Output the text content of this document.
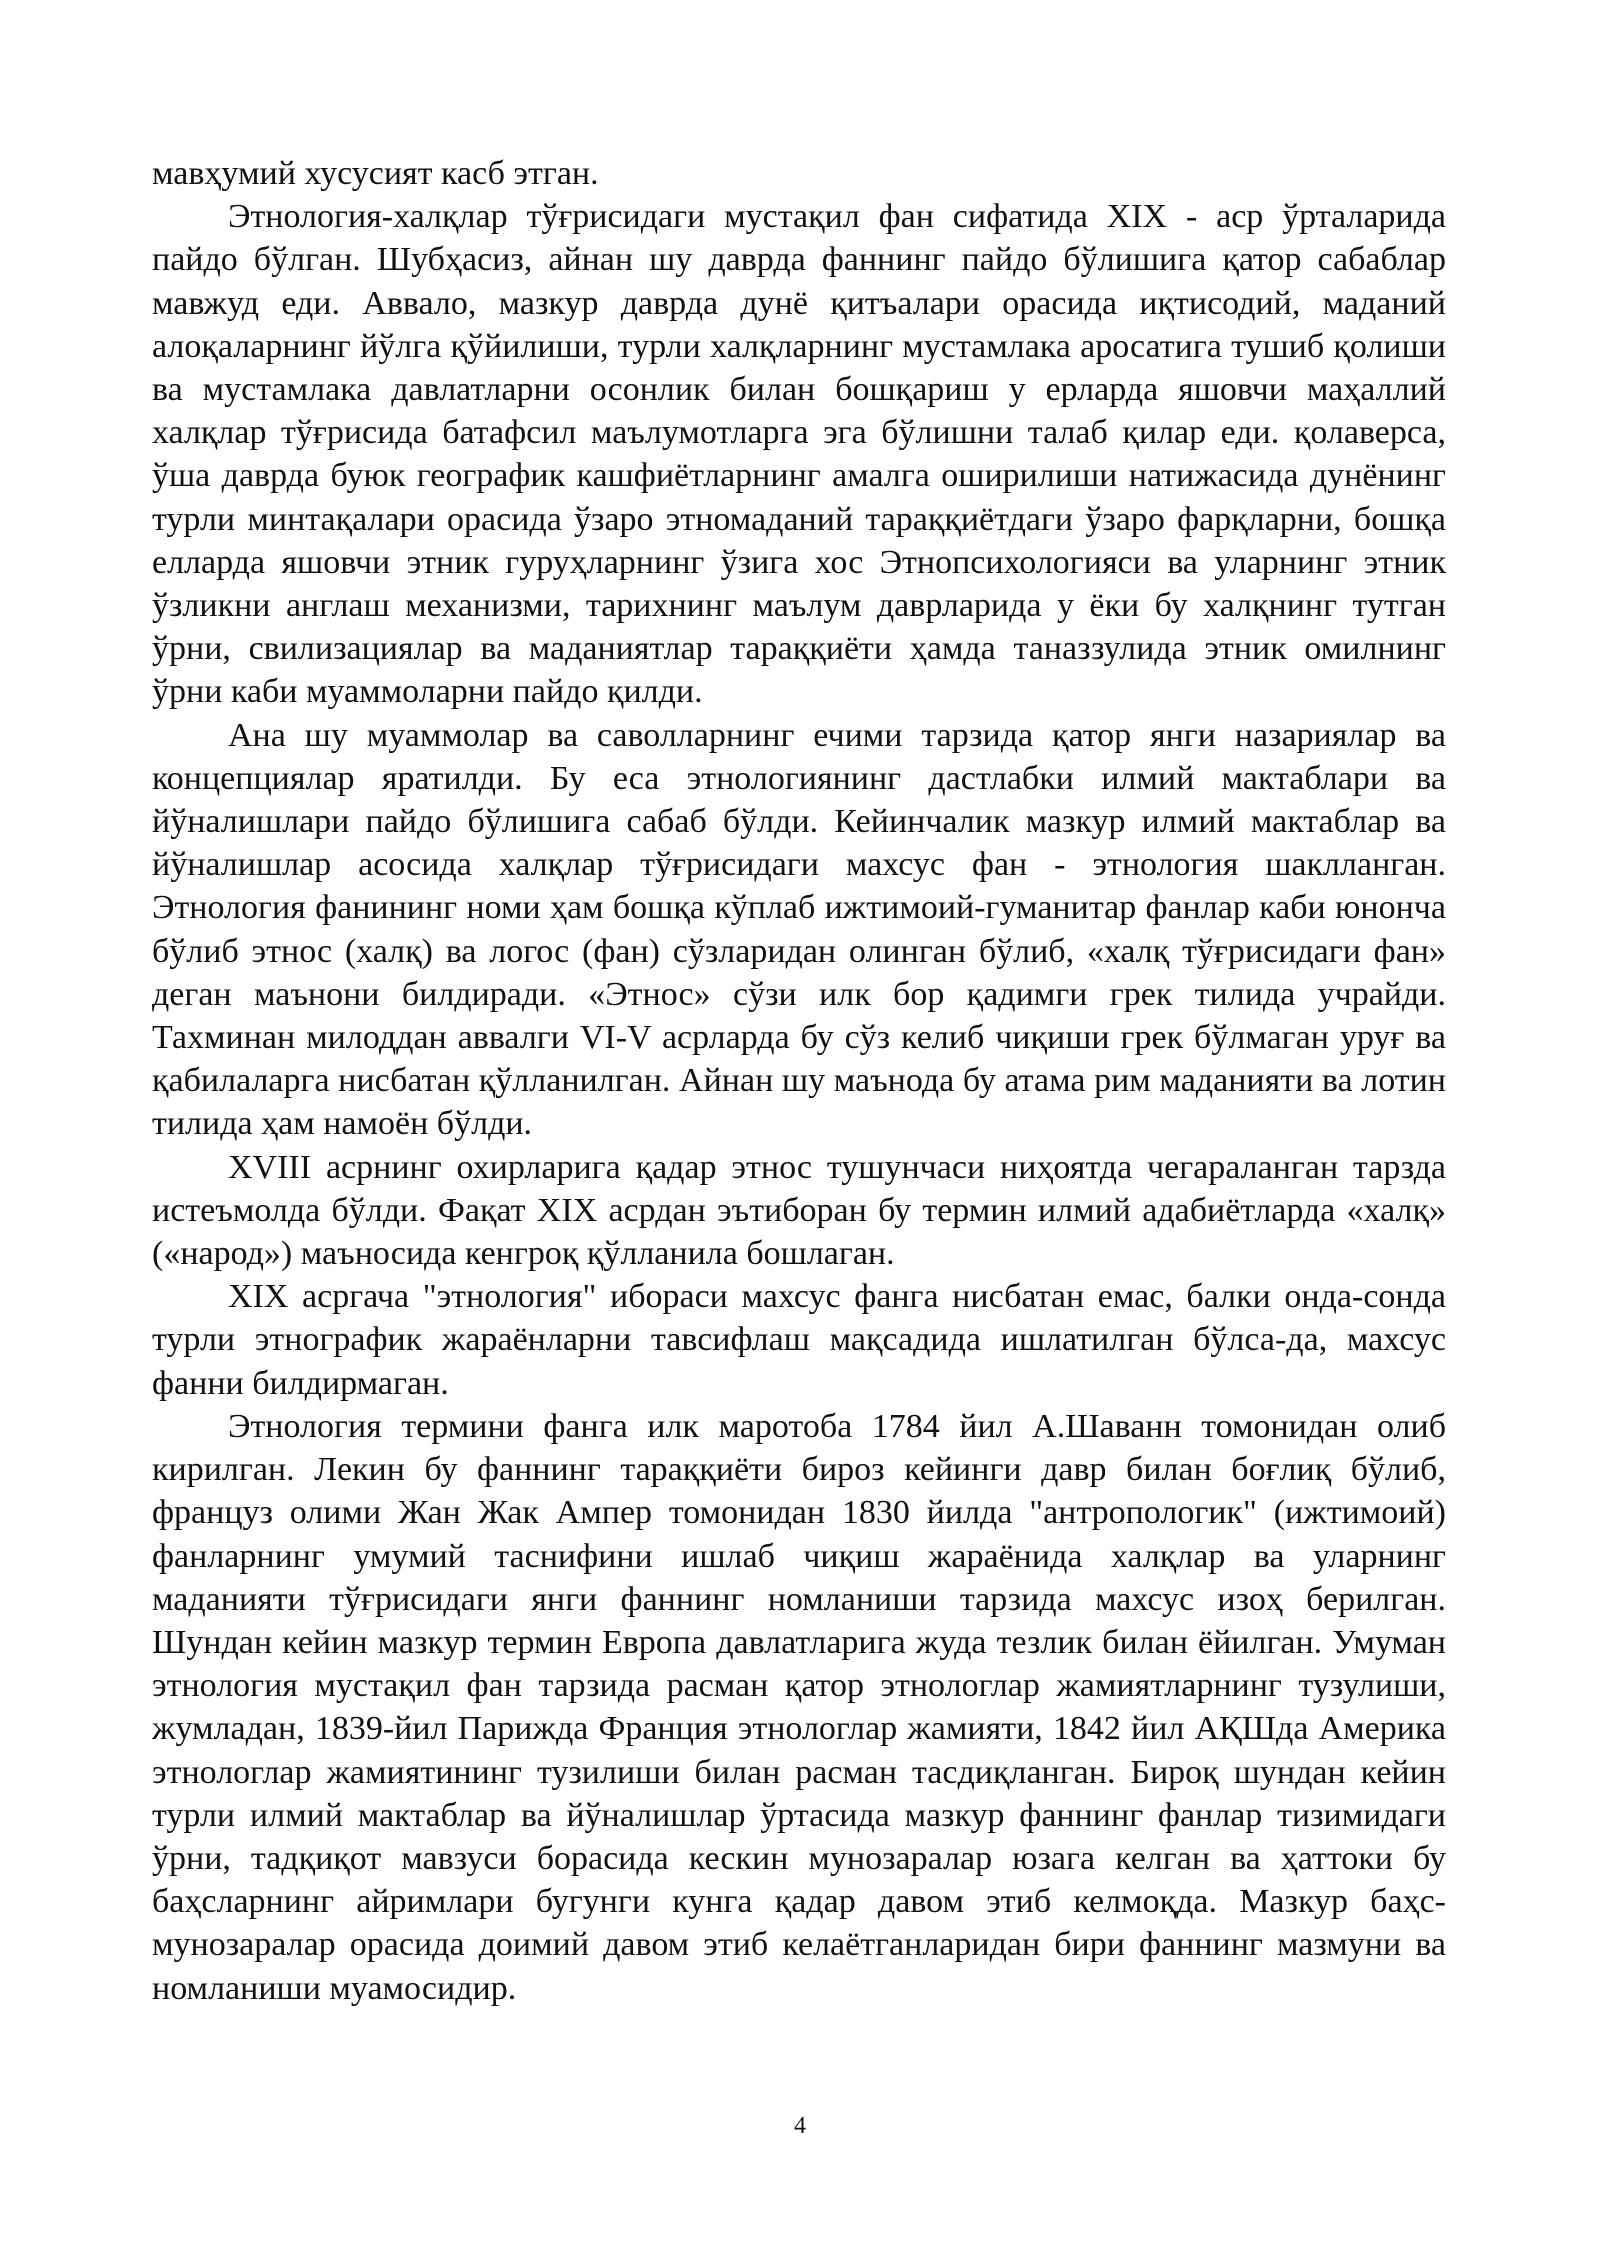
мавҳумий хусусият касб этган.

Этнология-халқлар тўғрисидаги мустақил фан сифатида XIX - аср ўрталарида пайдо бўлган. Шубҳасиз, айнан шу даврда фаннинг пайдо бўлишига қатор сабаблар мавжуд еди. Аввало, мазкур даврда дунё қитъалари орасида иқтисодий, маданий алоқаларнинг йўлга қўйилиши, турли халқларнинг мустамлака аросатига тушиб қолиши ва мустамлака давлатларни осонлик билан бошқариш у ерларда яшовчи маҳаллий халқлар тўғрисида батафсил маълумотларга эга бўлишни талаб қилар еди. қолаверса, ўша даврда буюк географик кашфиётларнинг амалга оширилиши натижасида дунёнинг турли минтақалари орасида ўзаро этномаданий тараққиётдаги ўзаро фарқларни, бошқа елларда яшовчи этник гуруҳларнинг ўзига хос Этнопсихологияси ва уларнинг этник ўзликни англаш механизми, тарихнинг маълум даврларида у ёки бу халқнинг тутган ўрни, свилизациялар ва маданиятлар тараққиёти ҳамда таназзулида этник омилнинг ўрни каби муаммоларни пайдо қилди.

Ана шу муаммолар ва саволларнинг ечими тарзида қатор янги назариялар ва концепциялар яратилди. Бу еса этнологиянинг дастлабки илмий мактаблари ва йўналишлари пайдо бўлишига сабаб бўлди. Кейинчалик мазкур илмий мактаблар ва йўналишлар асосида халқлар тўғрисидаги махсус фан - этнология шаклланган. Этнология фанининг номи ҳам бошқа кўплаб ижтимоий-гуманитар фанлар каби юнонча бўлиб этнос (халқ) ва логос (фан) сўзларидан олинган бўлиб, «халқ тўғрисидаги фан» деган маънони билдиради. «Этнос» сўзи илк бор қадимги грек тилида учрайди. Тахминан милоддан аввалги VI-V асрларда бу сўз келиб чиқиши грек бўлмаган уруғ ва қабилаларга нисбатан қўлланилган. Айнан шу маънода бу атама рим маданияти ва лотин тилида ҳам намоён бўлди.

XVIII асрнинг охирларига қадар этнос тушунчаси ниҳоятда чегараланган тарзда истеъмолда бўлди. Фақат XIX асрдан эътиборан бу термин илмий адабиётларда «халқ» («народ») маъносида кенгроқ қўлланила бошлаган.

XIX асргача "этнология" ибораси махсус фанга нисбатан емас, балки онда-сонда турли этнографик жараёнларни тавсифлаш мақсадида ишлатилган бўлса-да, махсус фанни билдирмаган.

Этнология термини фанга илк маротоба 1784 йил А.Шаванн томонидан олиб кирилган. Лекин бу фаннинг тараққиёти бироз кейинги давр билан боғлиқ бўлиб, француз олими Жан Жак Ампер томонидан 1830 йилда "антропологик" (ижтимоий) фанларнинг умумий таснифини ишлаб чиқиш жараёнида халқлар ва уларнинг маданияти тўғрисидаги янги фаннинг номланиши тарзида махсус изоҳ берилган. Шундан кейин мазкур термин Европа давлатларига жуда тезлик билан ёйилган. Умуман этнология мустақил фан тарзида расман қатор этнологлар жамиятларнинг тузулиши, жумладан, 1839-йил Парижда Франция этнологлар жамияти, 1842 йил АҚШда Америка этнологлар жамиятининг тузилиши билан расман тасдиқланган. Бироқ шундан кейин турли илмий мактаблар ва йўналишлар ўртасида мазкур фаннинг фанлар тизимидаги ўрни, тадқиқот мавзуси борасида кескин мунозаралар юзага келган ва ҳаттоки бу баҳсларнинг айримлари бугунги кунга қадар давом этиб келмоқда. Мазкур баҳс-мунозаралар орасида доимий давом этиб келаётганларидан бири фаннинг мазмуни ва номланиши муамосидир.

4
